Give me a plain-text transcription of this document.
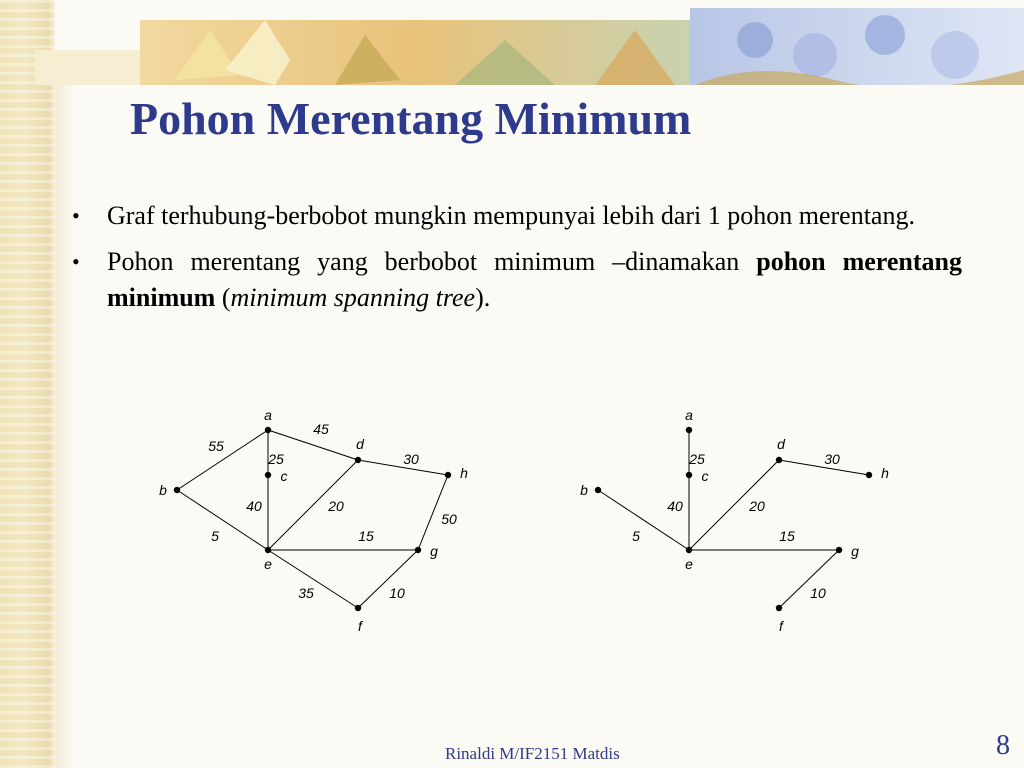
Pohon Merentang Minimum
• Graf terhubung-berbobot mungkin mempunyai lebih dari 1 pohon merentang.
• Pohon merentang yang berbobot minimum –dinamakan pohon merentang minimum (minimum spanning tree).
55
45
25	30
40	20
5	15
50
35	10
a
b
c
d
e
f
g
h
25	30
40	20
5	15
10
a
b
c
d
e
f
g
h
Rinaldi M/IF2151 Matdis	8
